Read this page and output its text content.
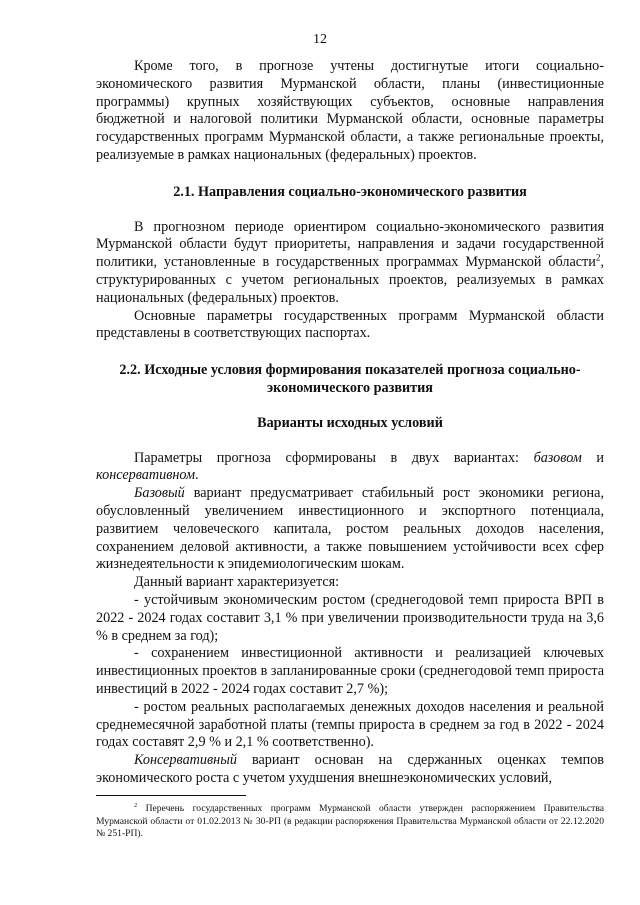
12

Кроме того, в прогнозе учтены достигнутые итоги социально-экономического развития Мурманской области, планы (инвестиционные программы) крупных хозяйствующих субъектов, основные направления бюджетной и налоговой политики Мурманской области, основные параметры государственных программ Мурманской области, а также региональные проекты, реализуемые в рамках национальных (федеральных) проектов.

2.1. Направления социально-экономического развития

В прогнозном периоде ориентиром социально-экономического развития Мурманской области будут приоритеты, направления и задачи государственной политики, установленные в государственных программах Мурманской области$^2$, структурированных с учетом региональных проектов, реализуемых в рамках национальных (федеральных) проектов.

Основные параметры государственных программ Мурманской области представлены в соответствующих паспортах.

2.2. Исходные условия формирования показателей прогноза социально-экономического развития
Варианты исходных условий

Параметры прогноза сформированы в двух вариантах: базовом и консервативном.

Базовый вариант предусматривает стабильный рост экономики региона, обусловленный увеличением инвестиционного и экспортного потенциала, развитием человеческого капитала, ростом реальных доходов населения, сохранением деловой активности, а также повышением устойчивости всех сфер жизнедеятельности к эпидемиологическим шокам.

Данный вариант характеризуется:

- устойчивым экономическим ростом (среднегодовой темп прироста ВРП в 2022 - 2024 годах составит 3,1 % при увеличении производительности труда на 3,6 % в среднем за год);

- сохранением инвестиционной активности и реализацией ключевых инвестиционных проектов в запланированные сроки (среднегодовой темп прироста инвестиций в 2022 - 2024 годах составит 2,7 %);

- ростом реальных располагаемых денежных доходов населения и реальной среднемесячной заработной платы (темпы прироста в среднем за год в 2022 - 2024 годах составят 2,9 % и 2,1 % соответственно).

Консервативный вариант основан на сдержанных оценках темпов экономического роста с учетом ухудшения внешнеэкономических условий,

$^2$ Перечень государственных программ Мурманской области утвержден распоряжением Правительства Мурманской области от 01.02.2013 № 30-РП (в редакции распоряжения Правительства Мурманской области от 22.12.2020 № 251-РП).
